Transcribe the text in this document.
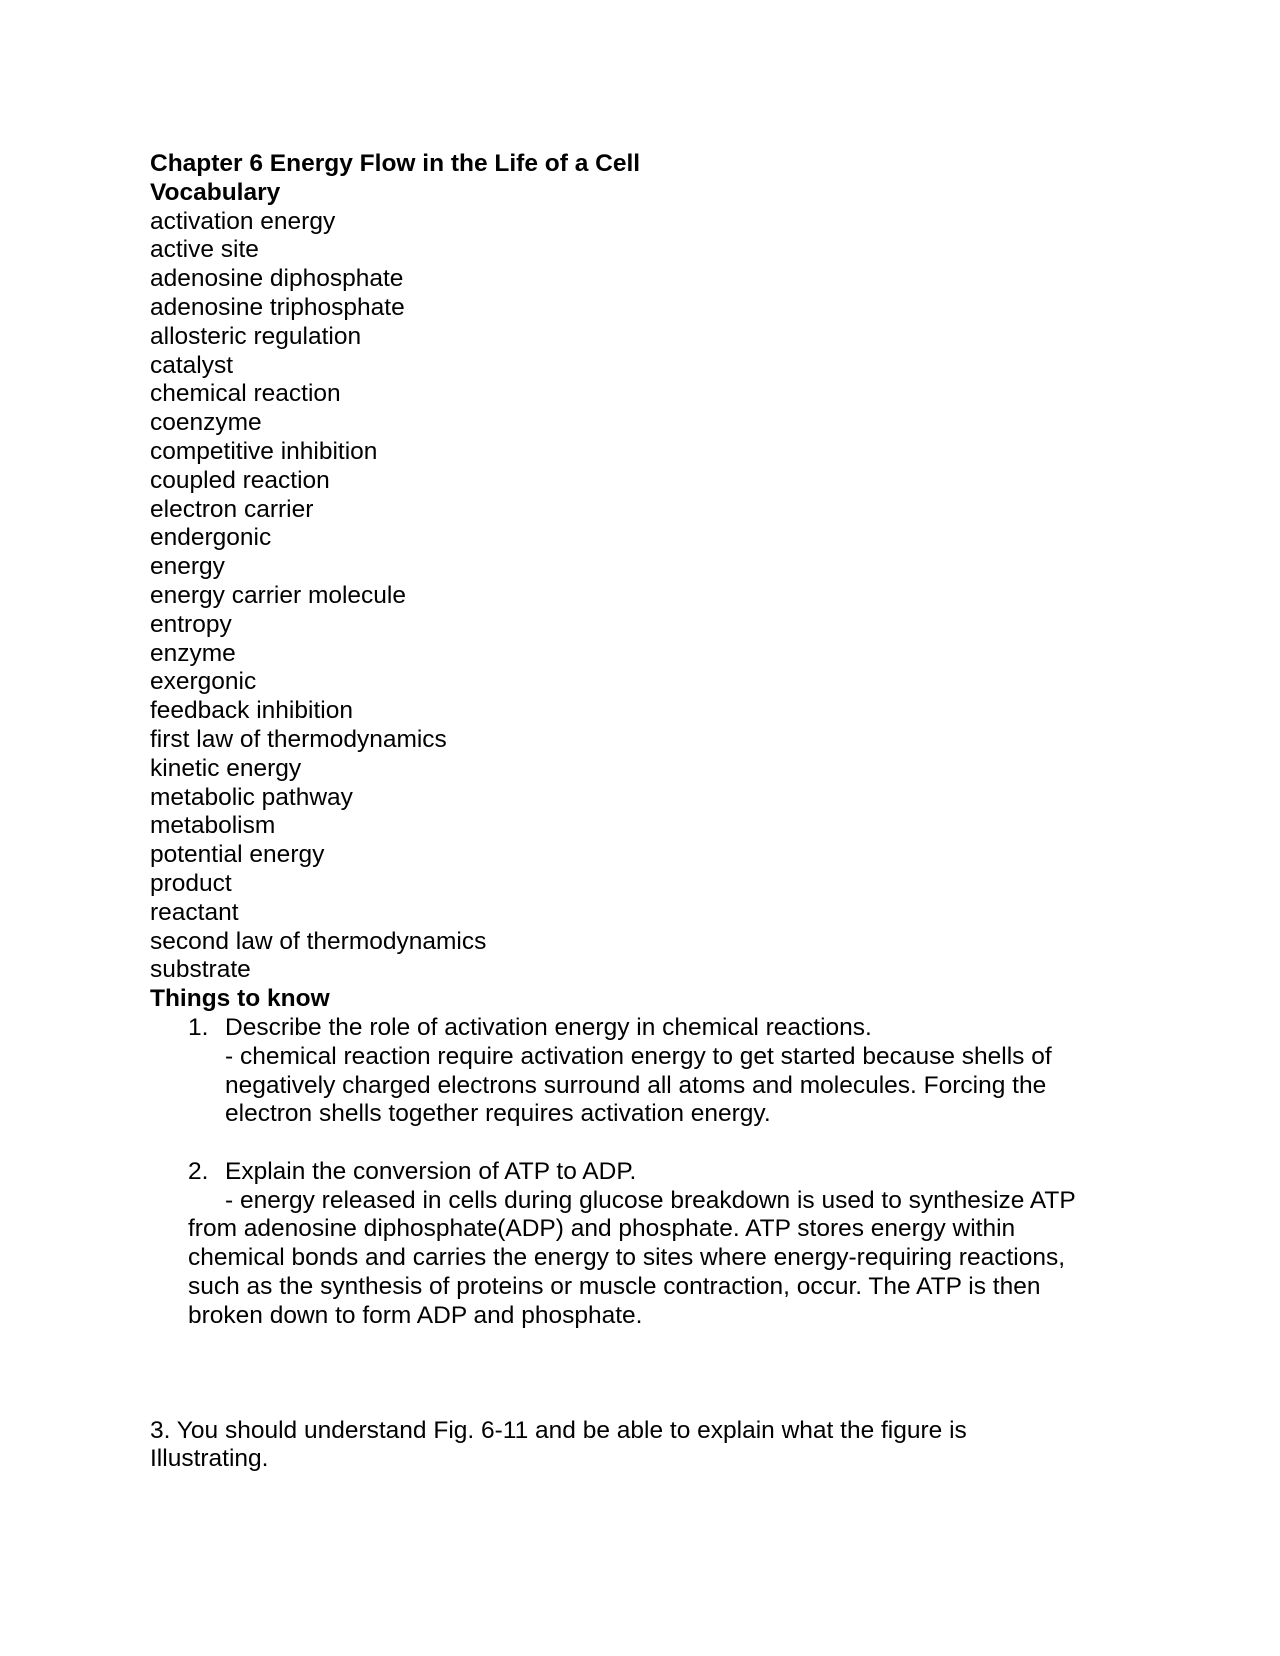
Chapter 6 Energy Flow in the Life of a Cell
Vocabulary
activation energy
active site
adenosine diphosphate
adenosine triphosphate
allosteric regulation
catalyst
chemical reaction
coenzyme
competitive inhibition
coupled reaction
electron carrier
endergonic
energy
energy carrier molecule
entropy
enzyme
exergonic
feedback inhibition
first law of thermodynamics
kinetic energy
metabolic pathway
metabolism
potential energy
product
reactant
second law of thermodynamics
substrate
Things to know
1. Describe the role of activation energy in chemical reactions.
- chemical reaction require activation energy to get started because shells of
negatively charged electrons surround all atoms and molecules. Forcing the
electron shells together requires activation energy.
2. Explain the conversion of ATP to ADP.
- energy released in cells during glucose breakdown is used to synthesize ATP
from adenosine diphosphate(ADP) and phosphate. ATP stores energy within
chemical bonds and carries the energy to sites where energy-requiring reactions,
such as the synthesis of proteins or muscle contraction, occur. The ATP is then
broken down to form ADP and phosphate.
3. You should understand Fig. 6-11 and be able to explain what the figure is
Illustrating.
